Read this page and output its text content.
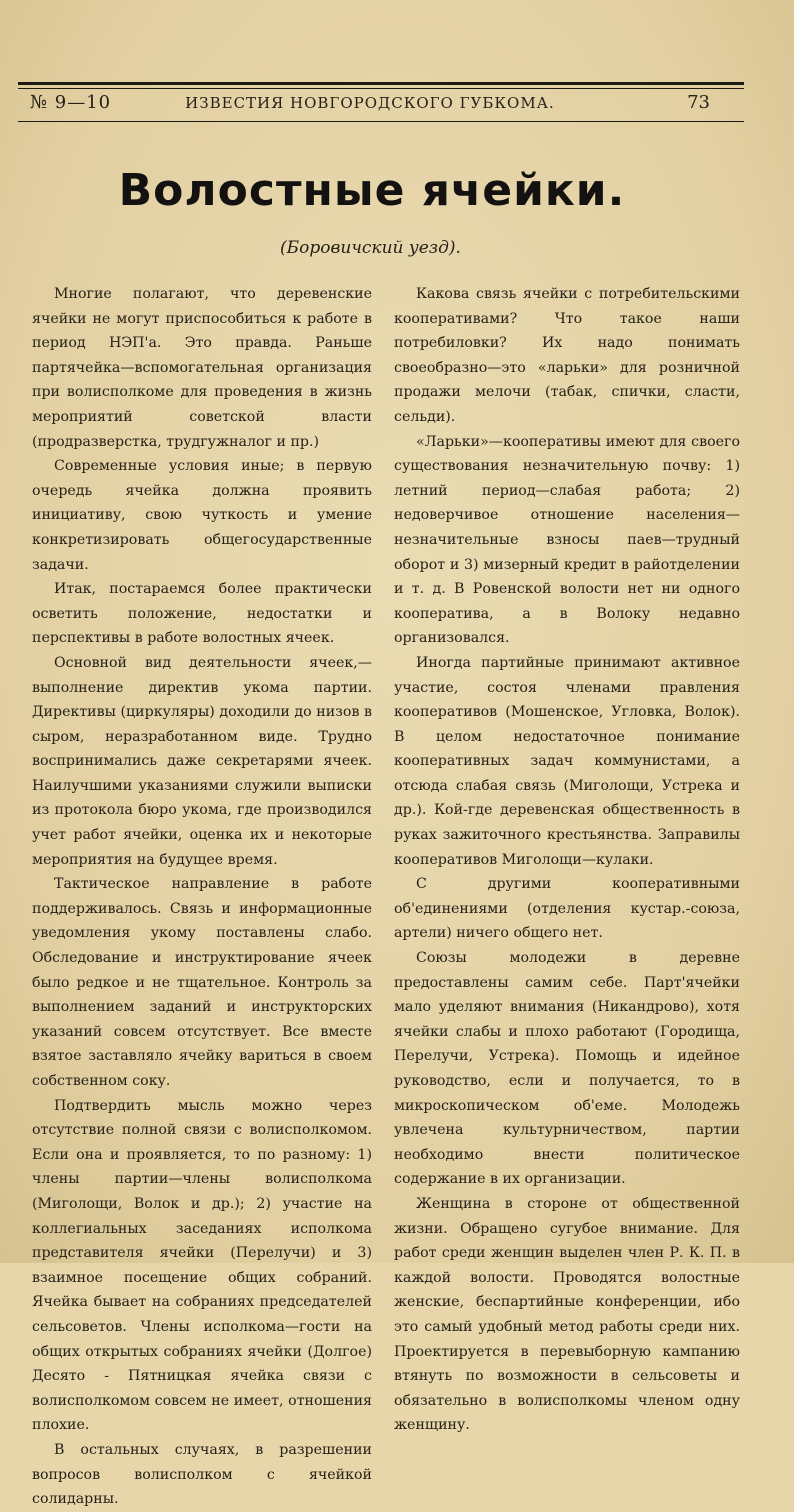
№ 9—10	ИЗВЕСТИЯ НОВГОРОДСКОГО ГУБКОМА.	73
Волостные ячейки.
(Боровичский уезд).

Многие полагают, что деревенские ячейки не могут приспособиться к работе в период НЭП'а. Это правда. Раньше партячейка—вспомогательная организация при волисполкоме для проведения в жизнь мероприятий советской власти (продразверстка, трудгужналог и пр.)

Современные условия иные; в первую очередь ячейка должна проявить инициативу, свою чуткость и умение конкретизировать общегосударственные задачи.

Итак, постараемся более практически осветить положение, недостатки и перспективы в работе волостных ячеек.

Основной вид деятельности ячеек,—выполнение директив укома партии. Директивы (циркуляры) доходили до низов в сыром, неразработанном виде. Трудно воспринимались даже секретарями ячеек. Наилучшими указаниями служили выписки из протокола бюро укома, где производился учет работ ячейки, оценка их и некоторые мероприятия на будущее время.

Тактическое направление в работе поддерживалось. Связь и информационные уведомления укому поставлены слабо. Обследование и инструктирование ячеек было редкое и не тщательное. Контроль за выполнением заданий и инструкторских указаний совсем отсутствует. Все вместе взятое заставляло ячейку вариться в своем собственном соку.

Подтвердить мысль можно через отсутствие полной связи с волисполкомом. Если она и проявляется, то по разному: 1) члены партии—члены волисполкома (Миголощи, Волок и др.); 2) участие на коллегиальных заседаниях исполкома представителя ячейки (Перелучи) и 3) взаимное посещение общих собраний. Ячейка бывает на собраниях председателей сельсоветов. Члены исполкома—гости на общих открытых собраниях ячейки (Долгое) Десято - Пятницкая ячейка связи с волисполкомом совсем не имеет, отношения плохие.

В остальных случаях, в разрешении вопросов волисполком с ячейкой солидарны.

Какова связь ячейки с потребительскими кооперативами? Что такое наши потребиловки? Их надо понимать своеобразно—это «ларьки» для розничной продажи мелочи (табак, спички, сласти, сельди).

«Ларьки»—кооперативы имеют для своего существования незначительную почву: 1) летний период—слабая работа; 2) недоверчивое отношение населения—незначительные взносы паев—трудный оборот и 3) мизерный кредит в райотделении и т. д. В Ровенской волости нет ни одного кооператива, а в Волоку недавно организовался.

Иногда партийные принимают активное участие, состоя членами правления кооперативов (Мошенское, Угловка, Волок). В целом недостаточное понимание кооперативных задач коммунистами, а отсюда слабая связь (Миголощи, Устрека и др.). Кой-где деревенская общественность в руках зажиточного крестьянства. Заправилы кооперативов Миголощи—кулаки.

С другими кооперативными об'единениями (отделения кустар.-союза, артели) ничего общего нет.

Союзы молодежи в деревне предоставлены самим себе. Парт'ячейки мало уделяют внимания (Никандрово), хотя ячейки слабы и плохо работают (Городища, Перелучи, Устрека). Помощь и идейное руководство, если и получается, то в микроскопическом об'еме. Молодежь увлечена культурничеством, партии необходимо внести политическое содержание в их организации.

Женщина в стороне от общественной жизни. Обращено сугубое внимание. Для работ среди женщин выделен член Р. К. П. в каждой волости. Проводятся волостные женские, беспартийные конференции, ибо это самый удобный метод работы среди них. Проектируется в перевыборную кампанию втянуть по возможности в сельсоветы и обязательно в волисполкомы членом одну женщину.
